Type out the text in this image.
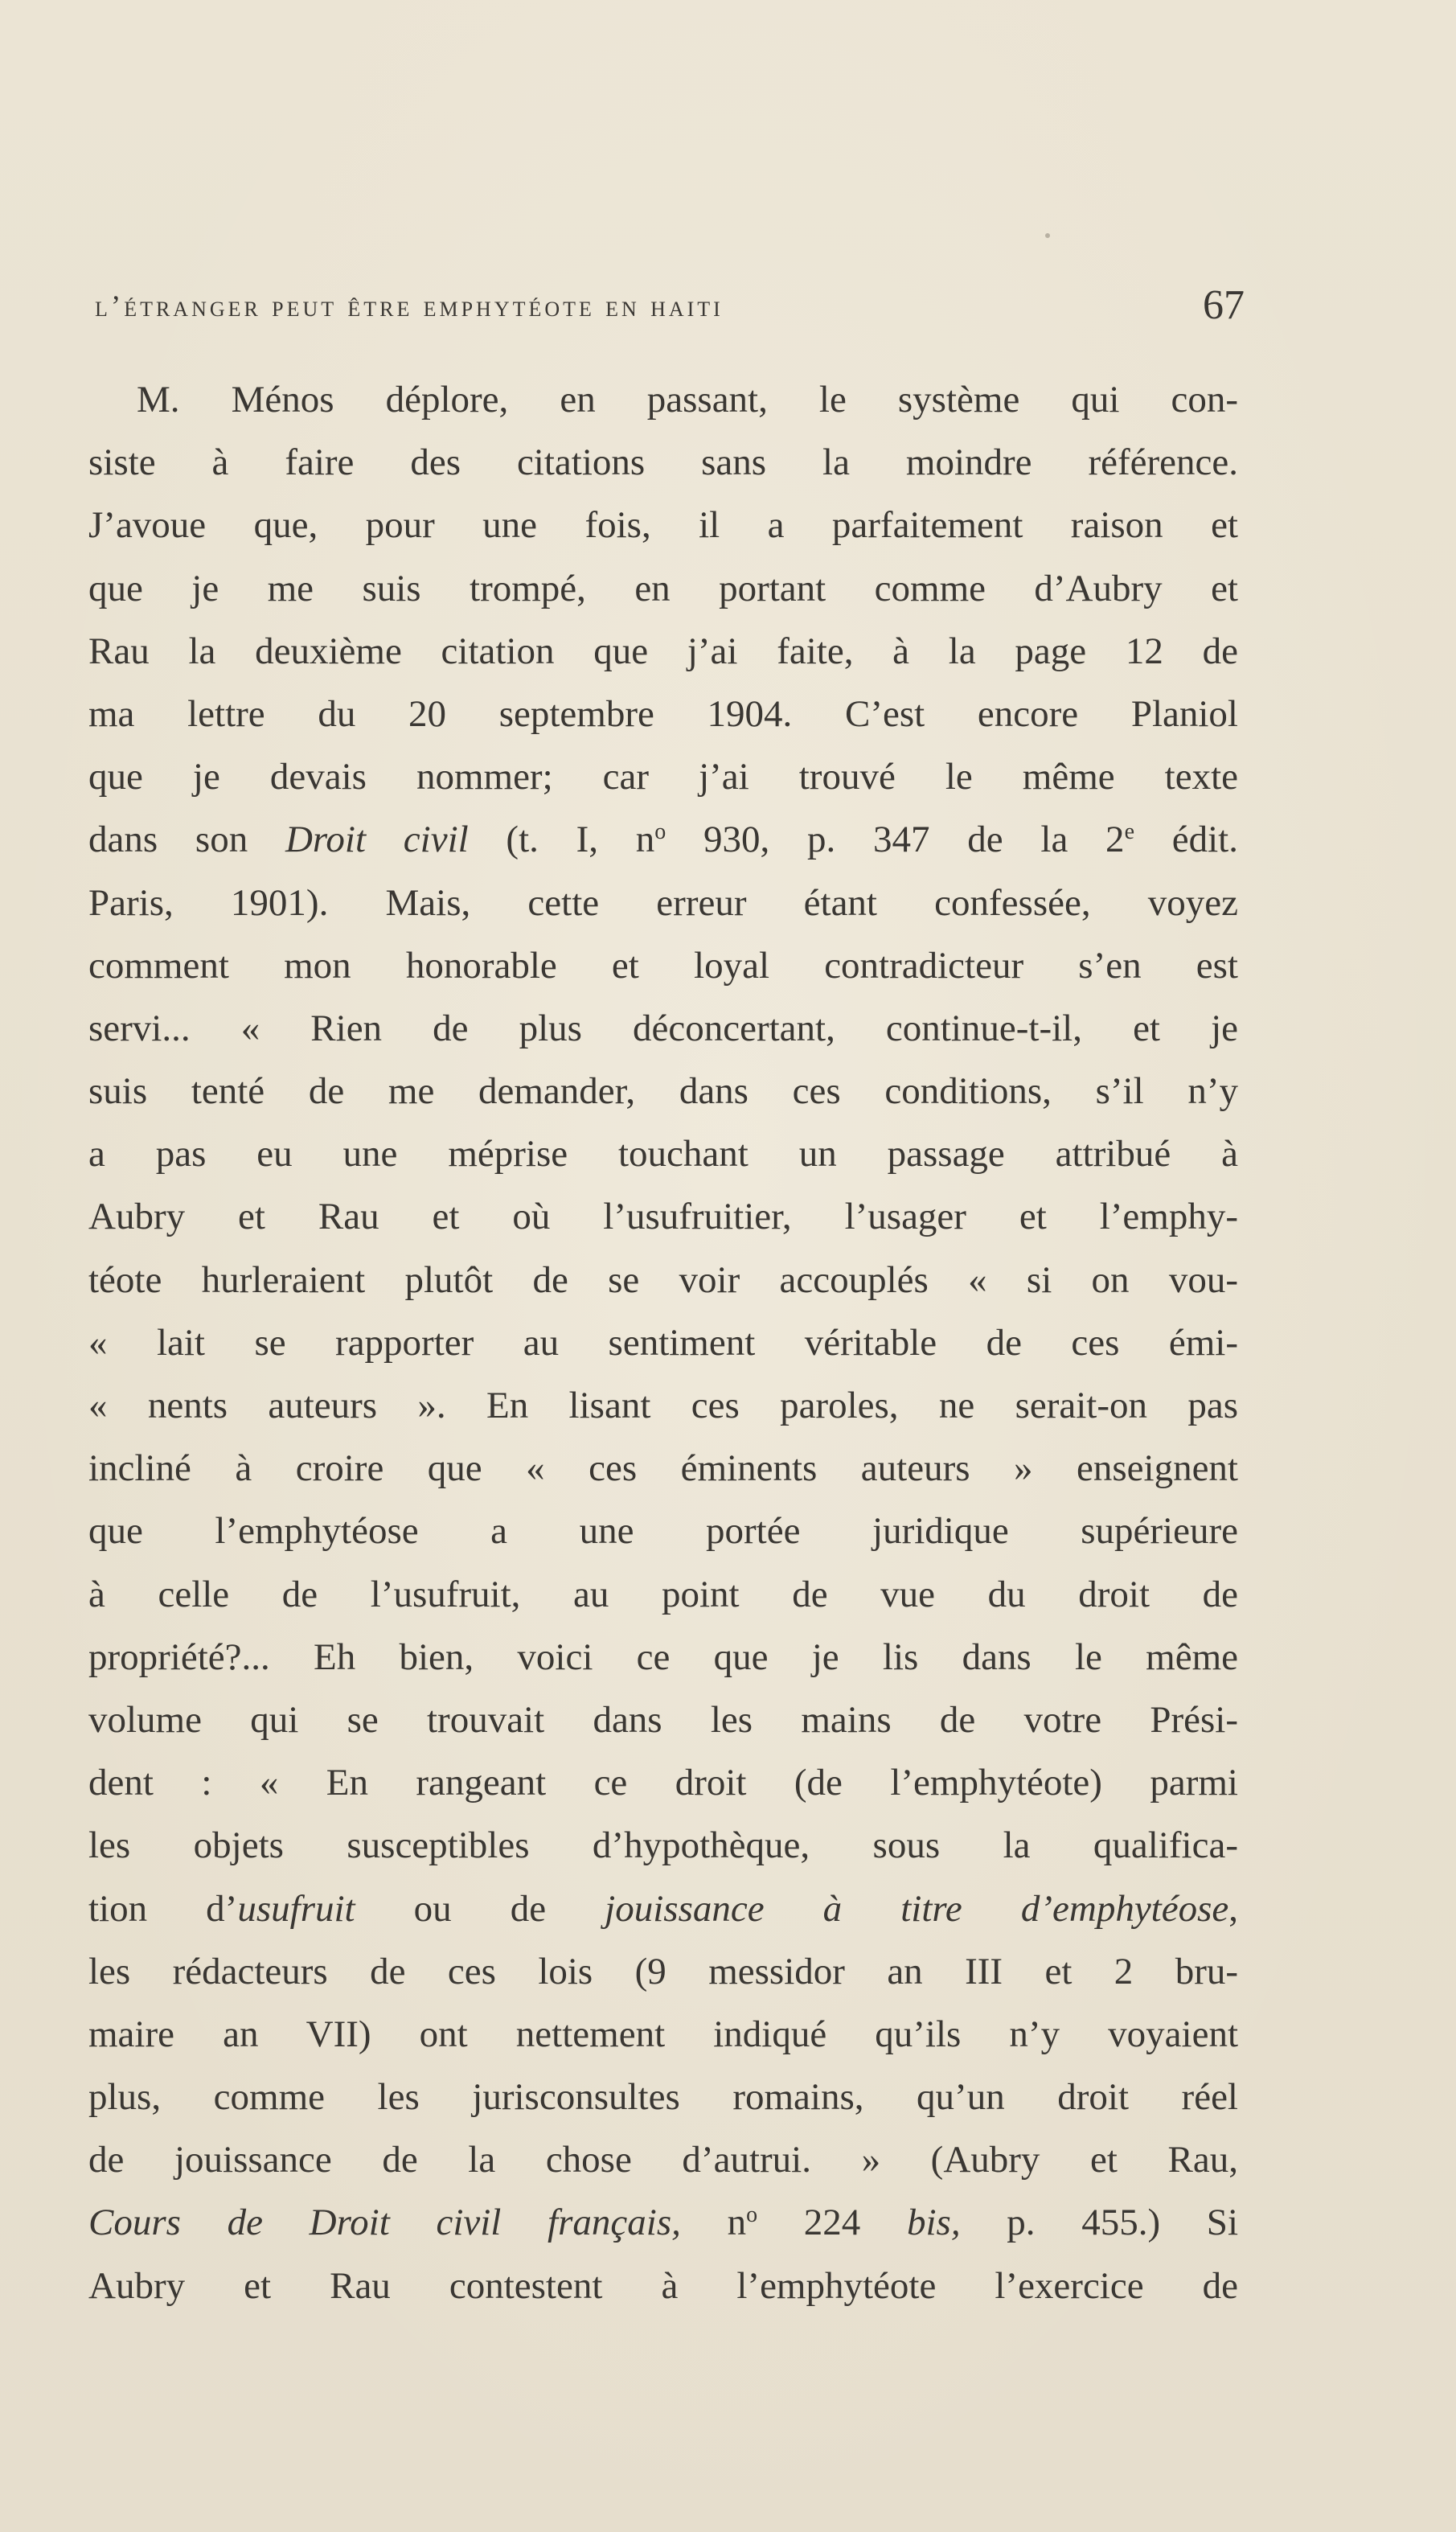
l’étranger peut être emphytéote en haiti	67
M. Ménos déplore, en passant, le système qui con-
siste à faire des citations sans la moindre référence.
J’avoue que, pour une fois, il a parfaitement raison et
que je me suis trompé, en portant comme d’Aubry et
Rau la deuxième citation que j’ai faite, à la page 12 de
ma lettre du 20 septembre 1904. C’est encore Planiol
que je devais nommer; car j’ai trouvé le même texte
dans son Droit civil (t. I, $n^o$ 930, p. 347 de la 2e édit.
Paris, 1901). Mais, cette erreur étant confessée, voyez
comment mon honorable et loyal contradicteur s’en est
servi... « Rien de plus déconcertant, continue-t-il, et je
suis tenté de me demander, dans ces conditions, s’il n’y
a pas eu une méprise touchant un passage attribué à
Aubry et Rau et où l’usufruitier, l’usager et l’emphy-
téote hurleraient plutôt de se voir accouplés « si on vou-
« lait se rapporter au sentiment véritable de ces émi-
« nents auteurs ». En lisant ces paroles, ne serait-on pas
incliné à croire que « ces éminents auteurs » enseignent
que l’emphytéose a une portée juridique supérieure
à celle de l’usufruit, au point de vue du droit de
propriété?... Eh bien, voici ce que je lis dans le même
volume qui se trouvait dans les mains de votre Prési-
dent : « En rangeant ce droit (de l’emphytéote) parmi
les objets susceptibles d’hypothèque, sous la qualifica-
tion d’usufruit ou de jouissance à titre d’emphytéose,
les rédacteurs de ces lois (9 messidor an III et 2 bru-
maire an VII) ont nettement indiqué qu’ils n’y voyaient
plus, comme les jurisconsultes romains, qu’un droit réel
de jouissance de la chose d’autrui. » (Aubry et Rau,
Cours de Droit civil français, $n^o$ 224 bis, p. 455.) Si
Aubry et Rau contestent à l’emphytéote l’exercice de
